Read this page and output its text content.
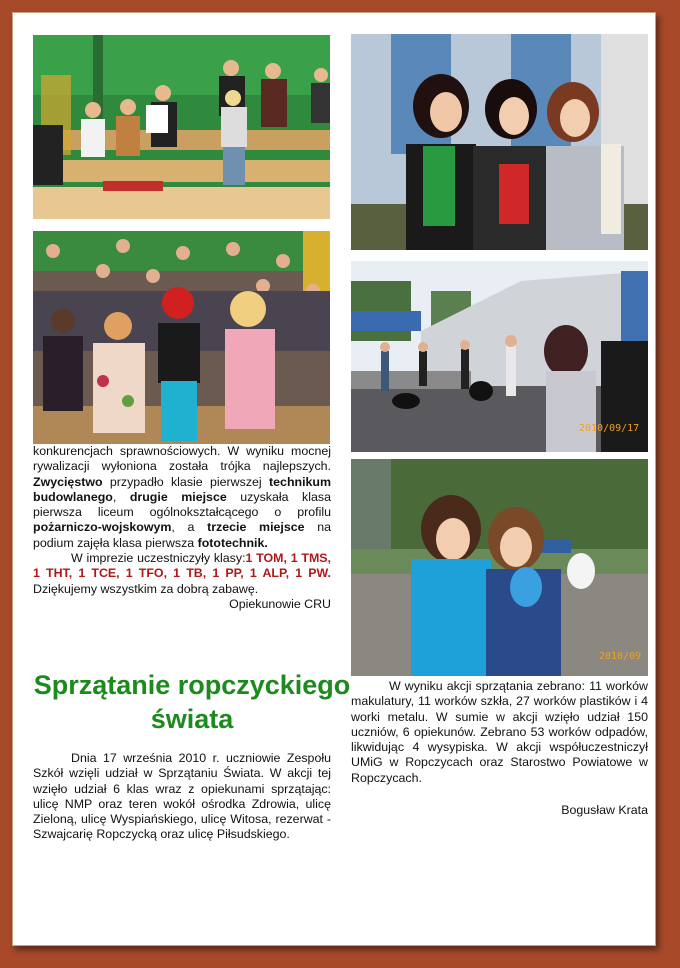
2010/09/17
2010/09

konkurencjach sprawnościowych. W wyniku mocnej rywalizacji wyłoniona została trójka najlepszych. Zwycięstwo przypadło klasie pierwszej technikum budowlanego, drugie miejsce uzyskała klasa pierwsza liceum ogólnokształcącego o profilu pożarniczo-wojskowym, a trzecie miejsce na podium zajęła klasa pierwsza fototechnik.

W imprezie uczestniczyły klasy:1 TOM, 1 TMS, 1 THT, 1 TCE, 1 TFO, 1 TB, 1 PP, 1 ALP, 1 PW. Dziękujemy wszystkim za dobrą zabawę.

Opiekunowie CRU

Sprzątanie ropczyckiego świata

Dnia 17 września 2010 r. uczniowie Zespołu Szkół wzięli udział w Sprzątaniu Świata. W akcji tej wzięło udział 6 klas wraz z opiekunami sprzątając: ulicę NMP oraz teren wokół ośrodka Zdrowia, ulicę Zieloną, ulicę Wyspiańskiego, ulicę Witosa, rezerwat - Szwajcarię Ropczycką oraz ulicę Piłsudskiego.

W wyniku akcji sprzątania zebrano: 11 worków makulatury, 11 worków szkła, 27 worków plastików i 4 worki metalu. W sumie w akcji wzięło udział 150 uczniów, 6 opiekunów. Zebrano 53 worków odpadów, likwidując 4 wysypiska. W akcji współuczestniczył UMiG w Ropczycach oraz Starostwo Powiatowe w Ropczycach.

Bogusław Krata
